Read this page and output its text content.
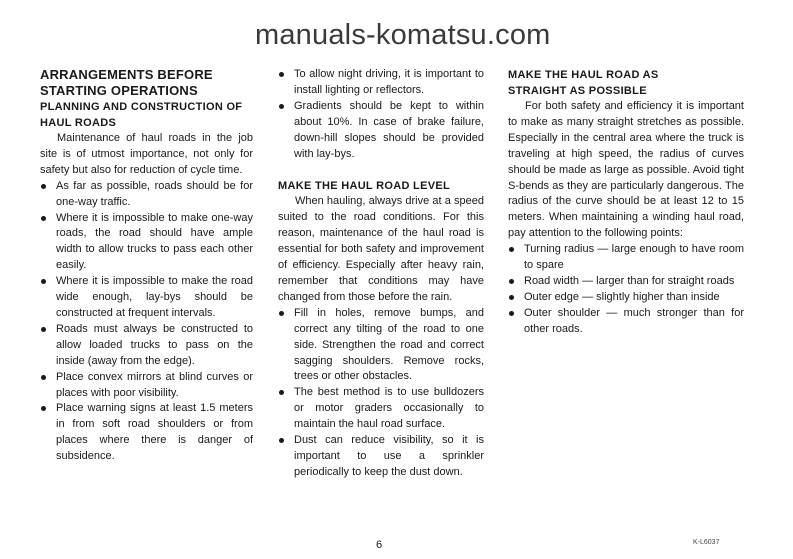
manuals-komatsu.com
ARRANGEMENTS BEFORE STARTING OPERATIONS
PLANNING AND CONSTRUCTION OF HAUL ROADS

Maintenance of haul roads in the job site is of utmost importance, not only for safety but also for reduction of cycle time.

As far as possible, roads should be for one-way traffic.
Where it is impossible to make one-way roads, the road should have ample width to allow trucks to pass each other easily.
Where it is impossible to make the road wide enough, lay-bys should be constructed at frequent intervals.
Roads must always be constructed to allow loaded trucks to pass on the inside (away from the edge).
Place convex mirrors at blind curves or places with poor visibility.
Place warning signs at least 1.5 meters in from soft road shoulders or from places where there is danger of subsidence.
To allow night driving, it is important to install lighting or reflectors.
Gradients should be kept to within about 10%. In case of brake failure, down-hill slopes should be provided with lay-bys.
MAKE THE HAUL ROAD LEVEL

When hauling, always drive at a speed suited to the road conditions. For this reason, maintenance of the haul road is essential for both safety and improvement of efficiency. Especially after heavy rain, remember that conditions may have changed from those before the rain.

Fill in holes, remove bumps, and correct any tilting of the road to one side. Strengthen the road and correct sagging shoulders. Remove rocks, trees or other obstacles.
The best method is to use bulldozers or motor graders occasionally to maintain the haul road surface.
Dust can reduce visibility, so it is important to use a sprinkler periodically to keep the dust down.
MAKE THE HAUL ROAD AS STRAIGHT AS POSSIBLE

For both safety and efficiency it is important to make as many straight stretches as possible. Especially in the central area where the truck is traveling at high speed, the radius of curves should be made as large as possible. Avoid tight S-bends as they are particularly dangerous. The radius of the curve should be at least 12 to 15 meters. When maintaining a winding haul road, pay attention to the following points:

Turning radius — large enough to have room to spare
Road width — larger than for straight roads
Outer edge — slightly higher than inside
Outer shoulder — much stronger than for other roads.
6	K-L6037
